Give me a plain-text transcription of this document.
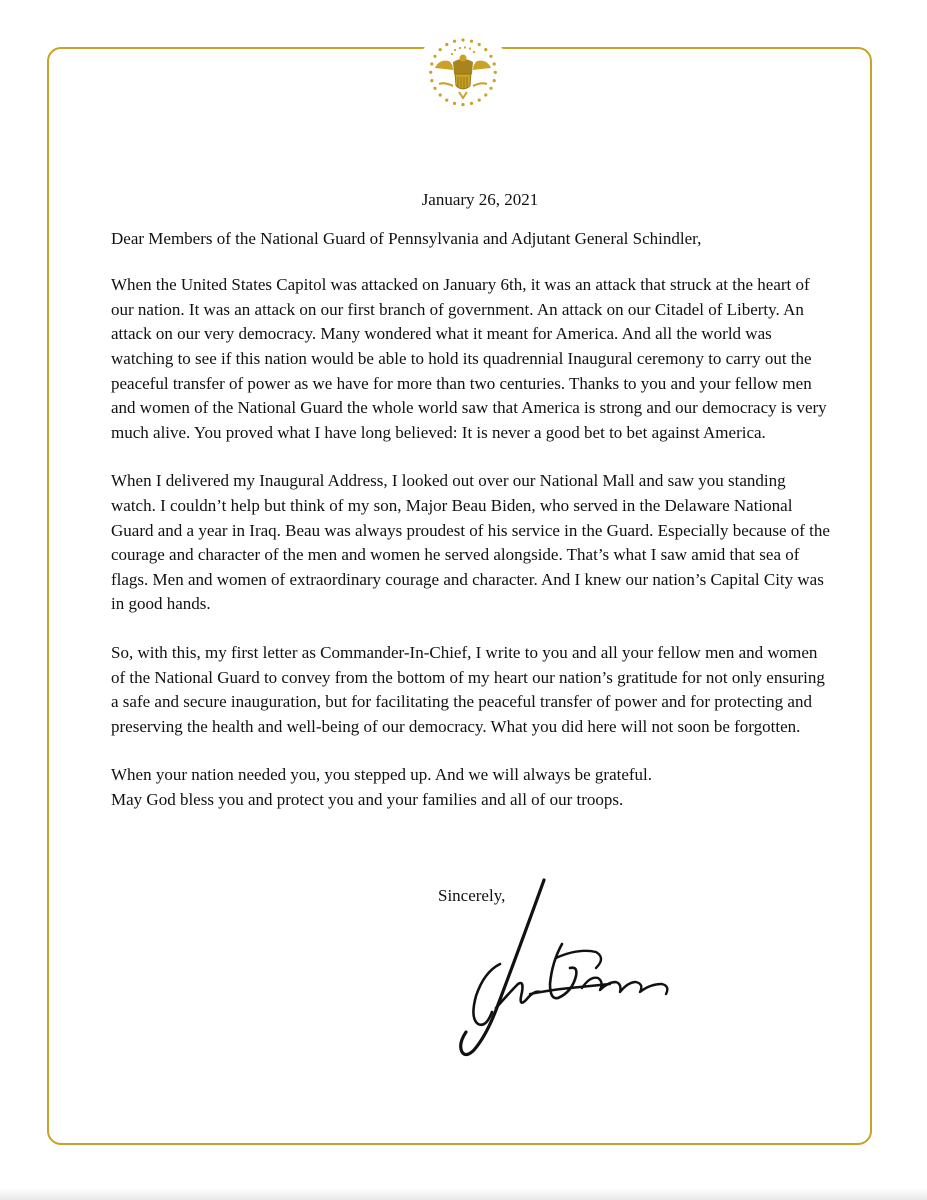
January 26, 2021
Dear Members of the National Guard of Pennsylvania and Adjutant General Schindler,
When the United States Capitol was attacked on January 6th, it was an attack that struck at the heart of our nation. It was an attack on our first branch of government. An attack on our Citadel of Liberty. An attack on our very democracy. Many wondered what it meant for America. And all the world was watching to see if this nation would be able to hold its quadrennial Inaugural ceremony to carry out the peaceful transfer of power as we have for more than two centuries. Thanks to you and your fellow men and women of the National Guard the whole world saw that America is strong and our democracy is very much alive. You proved what I have long believed: It is never a good bet to bet against America.
When I delivered my Inaugural Address, I looked out over our National Mall and saw you standing watch. I couldn’t help but think of my son, Major Beau Biden, who served in the Delaware National Guard and a year in Iraq. Beau was always proudest of his service in the Guard. Especially because of the courage and character of the men and women he served alongside. That’s what I saw amid that sea of flags. Men and women of extraordinary courage and character. And I knew our nation’s Capital City was in good hands.
So, with this, my first letter as Commander-In-Chief, I write to you and all your fellow men and women of the National Guard to convey from the bottom of my heart our nation’s gratitude for not only ensuring a safe and secure inauguration, but for facilitating the peaceful transfer of power and for protecting and preserving the health and well-being of our democracy. What you did here will not soon be forgotten.
When your nation needed you, you stepped up. And we will always be grateful.
May God bless you and protect you and your families and all of our troops.
Sincerely,
